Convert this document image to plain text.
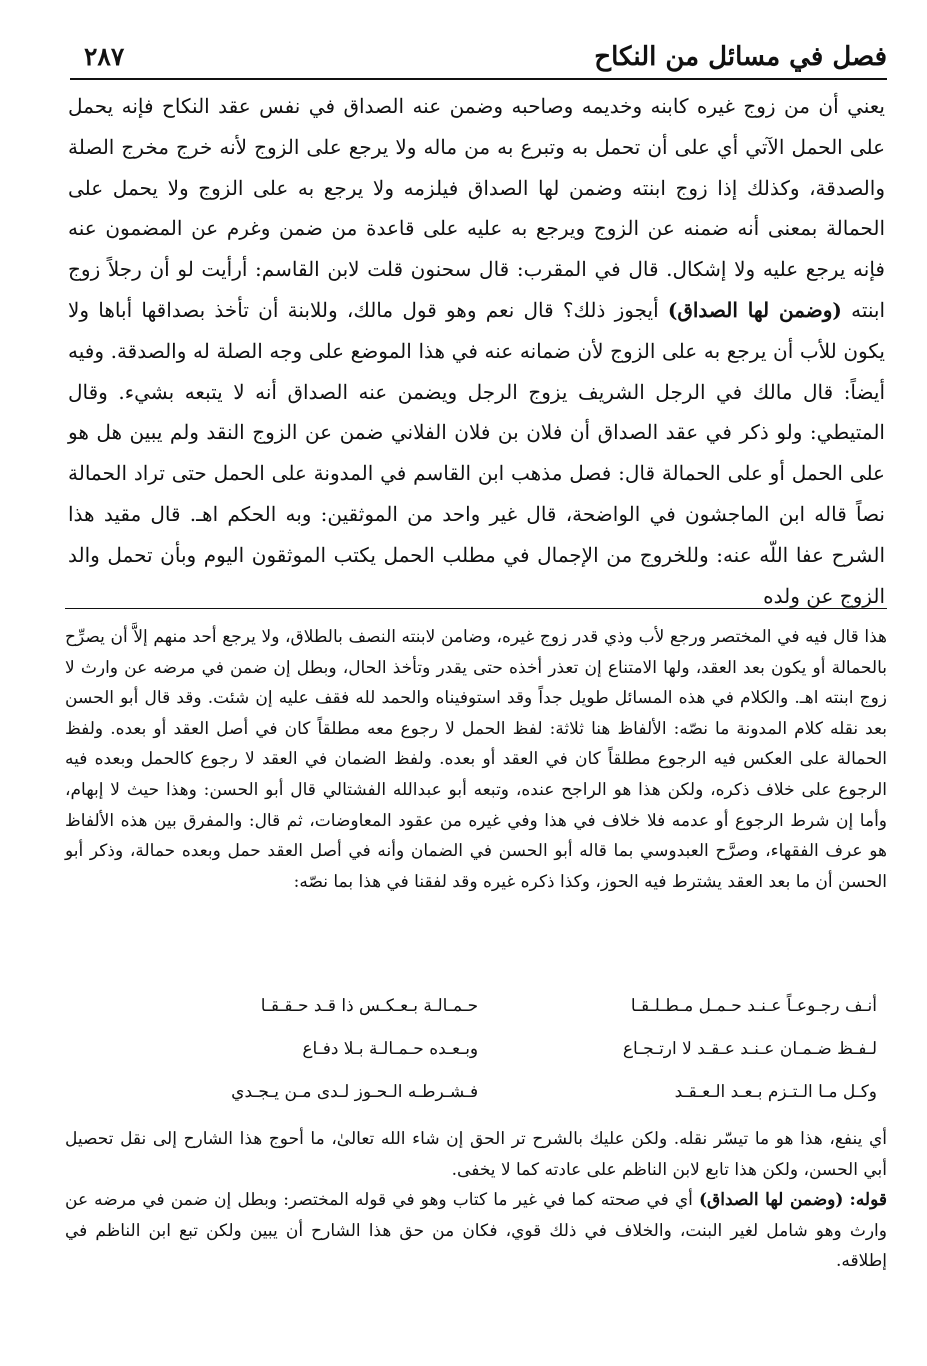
فصل في مسائل من النكاح
٢٨٧

يعني أن من زوج غيره كابنه وخديمه وصاحبه وضمن عنه الصداق في نفس عقد النكاح فإنه يحمل على الحمل الآتي أي على أن تحمل به وتبرع به من ماله ولا يرجع على الزوج لأنه خرج مخرج الصلة والصدقة، وكذلك إذا زوج ابنته وضمن لها الصداق فيلزمه ولا يرجع به على الزوج ولا يحمل على الحمالة بمعنى أنه ضمنه عن الزوج ويرجع به عليه على قاعدة من ضمن وغرم عن المضمون عنه فإنه يرجع عليه ولا إشكال. قال في المقرب: قال سحنون قلت لابن القاسم: أرأيت لو أن رجلاً زوج ابنته (وضمن لها الصداق) أيجوز ذلك؟ قال نعم وهو قول مالك، وللابنة أن تأخذ بصداقها أباها ولا يكون للأب أن يرجع به على الزوج لأن ضمانه عنه في هذا الموضع على وجه الصلة له والصدقة. وفيه أيضاً: قال مالك في الرجل الشريف يزوج الرجل ويضمن عنه الصداق أنه لا يتبعه بشيء. وقال المتيطي: ولو ذكر في عقد الصداق أن فلان بن فلان الفلاني ضمن عن الزوج النقد ولم يبين هل هو على الحمل أو على الحمالة قال: فصل مذهب ابن القاسم في المدونة على الحمل حتى تراد الحمالة نصاً قاله ابن الماجشون في الواضحة، قال غير واحد من الموثقين: وبه الحكم اهـ. قال مقيد هذا الشرح عفا اللّه عنه: وللخروج من الإجمال في مطلب الحمل يكتب الموثقون اليوم وبأن تحمل والد الزوج عن ولده

هذا قال فيه في المختصر ورجع لأب وذي قدر زوج غيره، وضامن لابنته النصف بالطلاق، ولا يرجع أحد منهم إلاَّ أن يصرِّح بالحمالة أو يكون بعد العقد، ولها الامتناع إن تعذر أخذه حتى يقدر وتأخذ الحال، وبطل إن ضمن في مرضه عن وارث لا زوج ابنته اهـ. والكلام في هذه المسائل طويل جداً وقد استوفيناه والحمد لله فقف عليه إن شئت. وقد قال أبو الحسن بعد نقله كلام المدونة ما نصّه: الألفاظ هنا ثلاثة: لفظ الحمل لا رجوع معه مطلقاً كان في أصل العقد أو بعده. ولفظ الحمالة على العكس فيه الرجوع مطلقاً كان في العقد أو بعده. ولفظ الضمان في العقد لا رجوع كالحمل وبعده فيه الرجوع على خلاف ذكره، ولكن هذا هو الراجح عنده، وتبعه أبو عبدالله الفشتالي قال أبو الحسن: وهذا حيث لا إبهام، وأما إن شرط الرجوع أو عدمه فلا خلاف في هذا وفي غيره من عقود المعاوضات، ثم قال: والمفرق بين هذه الألفاظ هو عرف الفقهاء، وصرَّح العبدوسي بما قاله أبو الحسن في الضمان وأنه في أصل العقد حمل وبعده حمالة، وذكر أبو الحسن أن ما بعد العقد يشترط فيه الحوز، وكذا ذكره غيره وقد لفقنا في هذا بما نصّه:

أنـف رجـوعـاً عـنـد حـمـل مـطـلـقـا
حـمـالـة بـعـكـس ذا قـد حـقـقـا
لـفـظ ضـمـان عـنـد عـقـد لا ارتـجـاع
وبـعـده حـمـالـة بـلا دفـاع
وكـل مـا الـتـزم بـعـد الـعـقـد
فـشـرطـه الـحـوز لـدى مـن يـجـدي

أي ينفع، هذا هو ما تيسّر نقله. ولكن عليك بالشرح تر الحق إن شاء الله تعالىٰ، ما أحوج هذا الشارح إلى نقل تحصيل أبي الحسن، ولكن هذا تابع لابن الناظم على عادته كما لا يخفى.

قوله: (وضمن لها الصداق) أي في صحته كما في غير ما كتاب وهو في قوله المختصر: وبطل إن ضمن في مرضه عن وارث وهو شامل لغير البنت، والخلاف في ذلك قوي، فكان من حق هذا الشارح أن يبين ولكن تبع ابن الناظم في إطلاقه.
